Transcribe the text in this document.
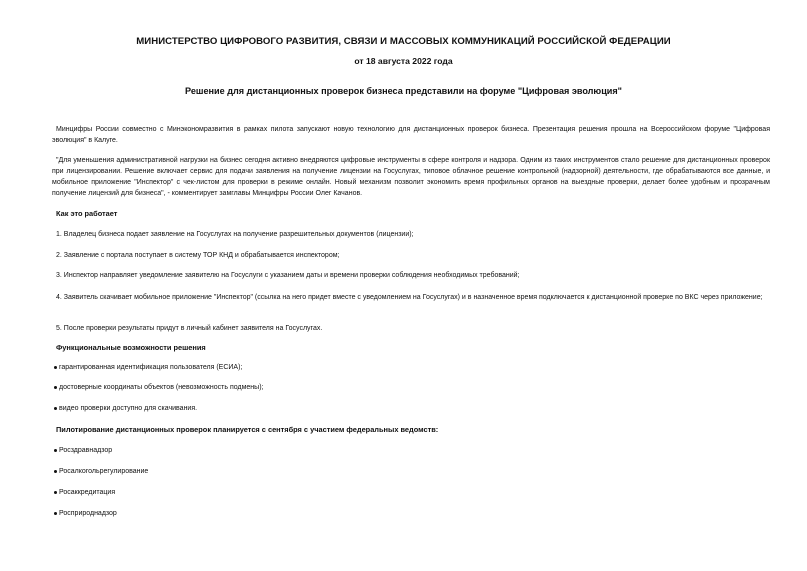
МИНИСТЕРСТВО ЦИФРОВОГО РАЗВИТИЯ, СВЯЗИ И МАССОВЫХ КОММУНИКАЦИЙ РОССИЙСКОЙ ФЕДЕРАЦИИ
от 18 августа 2022 года
Решение для дистанционных проверок бизнеса представили на форуме "Цифровая эволюция"

Минцифры России совместно с Минэкономразвития в рамках пилота запускают новую технологию для дистанционных проверок бизнеса. Презентация решения прошла на Всероссийском форуме "Цифровая эволюция" в Калуге.

"Для уменьшения административной нагрузки на бизнес сегодня активно внедряются цифровые инструменты в сфере контроля и надзора. Одним из таких инструментов стало решение для дистанционных проверок при лицензировании. Решение включает сервис для подачи заявления на получение лицензии на Госуслугах, типовое облачное решение контрольной (надзорной) деятельности, где обрабатываются все данные, и мобильное приложение "Инспектор" с чек-листом для проверки в режиме онлайн. Новый механизм позволит экономить время профильных органов на выездные проверки, делает более удобным и прозрачным получение лицензий для бизнеса", - комментирует замглавы Минцифры России Олег Качанов.

Как это работает

1. Владелец бизнеса подает заявление на Госуслугах на получение разрешительных документов (лицензии);

2. Заявление с портала поступает в систему ТОР КНД и обрабатывается инспектором;

3. Инспектор направляет уведомление заявителю на Госуслуги с указанием даты и времени проверки соблюдения необходимых требований;

4. Заявитель скачивает мобильное приложение "Инспектор" (ссылка на него придет вместе с уведомлением на Госуслугах) и в назначенное время подключается к дистанционной проверке по ВКС через приложение;

5. После проверки результаты придут в личный кабинет заявителя на Госуслугах.

Функциональные возможности решения

гарантированная идентификация пользователя (ЕСИА);

достоверные координаты объектов (невозможность подмены);

видео проверки доступно для скачивания.

Пилотирование дистанционных проверок планируется с сентября с участием федеральных ведомств:

Росздравнадзор

Росалкогольрегулирование

Росаккредитация

Росприроднадзор
